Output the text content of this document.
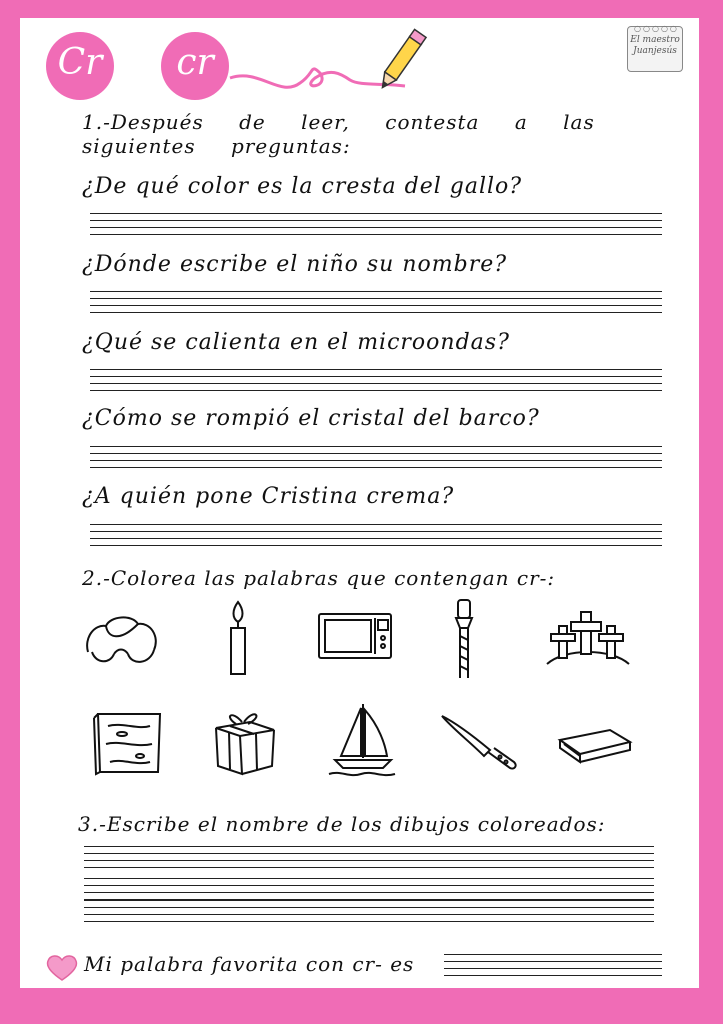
Cr	cr
○○○○○
El maestro Juanjesús

1.-Después de leer, contesta a las siguientes preguntas:

¿De qué color es la cresta del gallo?

¿Dónde escribe el niño su nombre?

¿Qué se calienta en el microondas?

¿Cómo se rompió el cristal del barco?

¿A quién pone Cristina crema?

2.-Colorea las palabras que contengan cr-:

3.-Escribe el nombre de los dibujos coloreados:

Mi palabra favorita con cr- es
